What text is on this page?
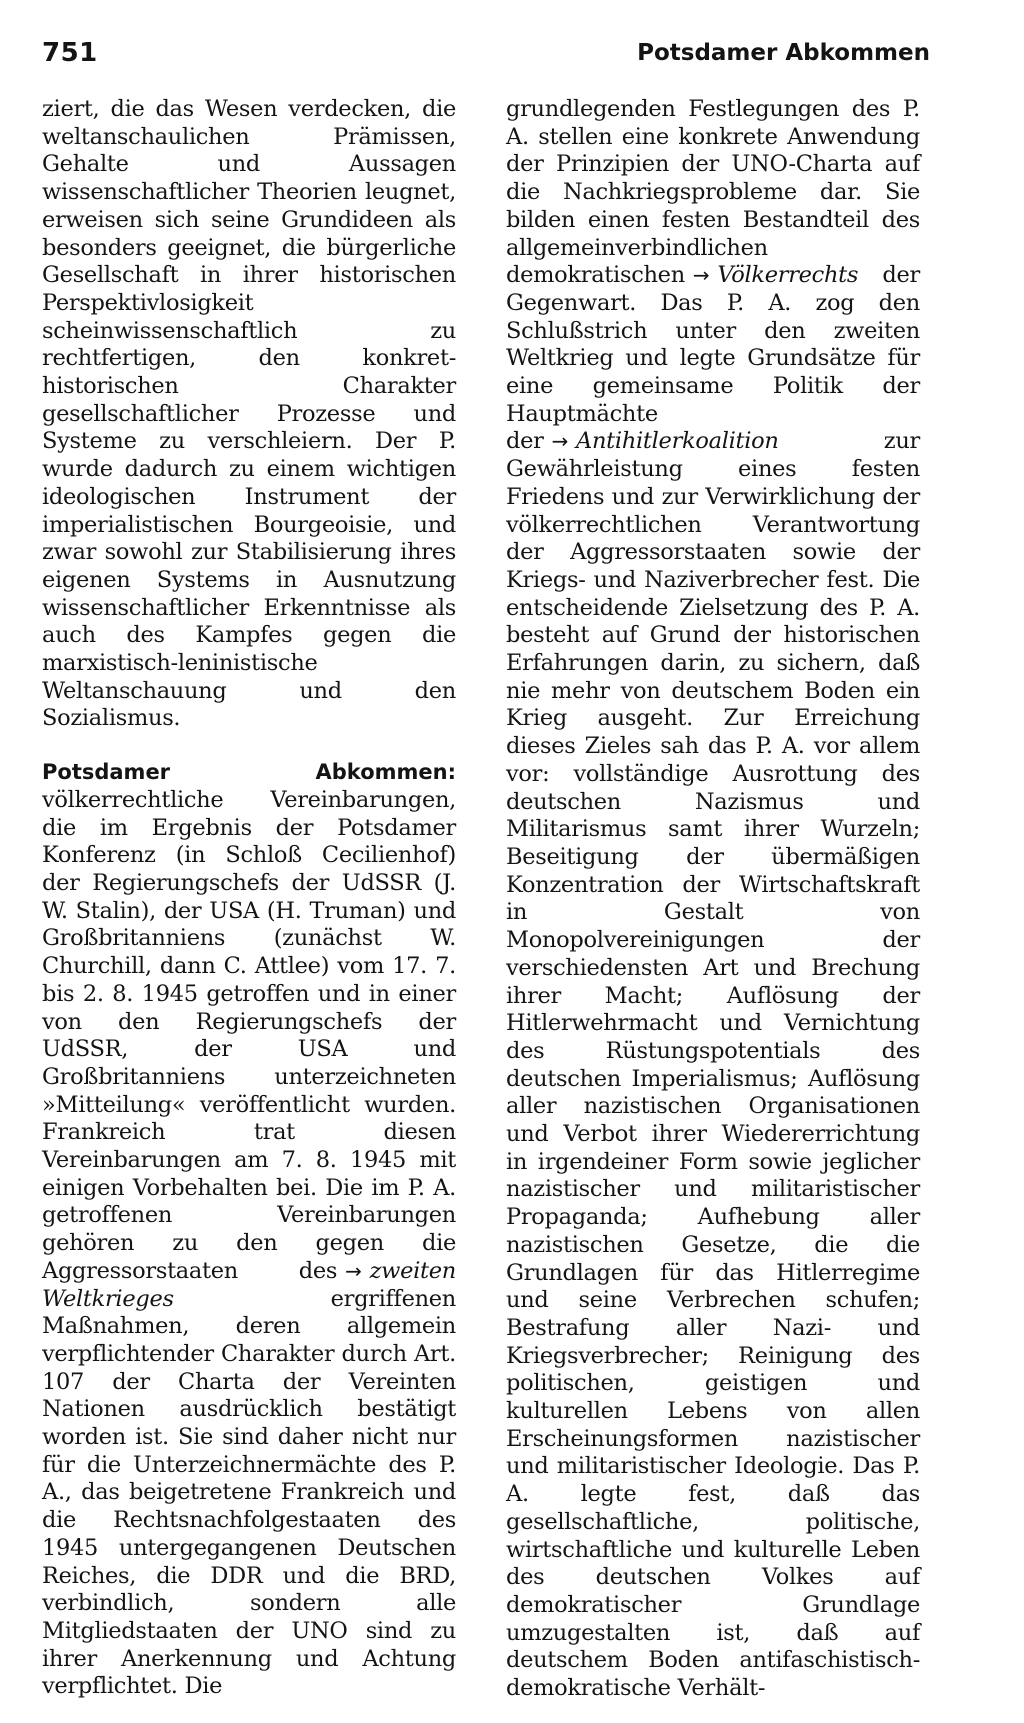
751	Potsdamer Abkommen

ziert, die das Wesen verdecken, die weltanschaulichen Prämissen, Gehalte und Aussagen wissenschaftlicher Theorien leugnet, erweisen sich seine Grundideen als besonders geeignet, die bürgerliche Gesellschaft in ihrer historischen Perspektivlosigkeit scheinwissenschaftlich zu rechtfertigen, den konkret-historischen Charakter gesellschaftlicher Prozesse und Systeme zu verschleiern. Der P. wurde dadurch zu einem wichtigen ideologischen Instrument der imperialistischen Bourgeoisie, und zwar sowohl zur Stabilisierung ihres eigenen Systems in Ausnutzung wissenschaftlicher Erkenntnisse als auch des Kampfes gegen die marxistisch-leninistische Weltanschauung und den Sozialismus.

Potsdamer Abkommen: völkerrechtliche Vereinbarungen, die im Ergebnis der Potsdamer Konferenz (in Schloß Cecilienhof) der Regierungschefs der UdSSR (J. W. Stalin), der USA (H. Truman) und Großbritanniens (zunächst W. Churchill, dann C. Attlee) vom 17. 7. bis 2. 8. 1945 getroffen und in einer von den Regierungschefs der UdSSR, der USA und Großbritanniens unterzeichneten »Mitteilung« veröffentlicht wurden. Frankreich trat diesen Vereinbarungen am 7. 8. 1945 mit einigen Vorbehalten bei. Die im P. A. getroffenen Vereinbarungen gehören zu den gegen die Aggressorstaaten des → zweiten Weltkrieges	ergriffenen Maßnahmen, deren allgemein verpflichtender Charakter durch Art. 107 der Charta der Vereinten Nationen ausdrücklich bestätigt worden ist. Sie sind daher nicht nur für die Unterzeichnermächte des P. A., das beigetretene Frankreich und die Rechtsnachfolgestaaten des 1945 untergegangenen Deutschen Reiches, die DDR und die BRD, verbindlich, sondern alle Mitgliedstaaten der UNO sind zu ihrer Anerkennung und Achtung verpflichtet. Die

grundlegenden Festlegungen des P. A. stellen eine konkrete Anwendung der Prinzipien der UNO-Charta auf die Nachkriegsprobleme dar. Sie bilden einen festen Bestandteil des allgemeinverbindlichen demokratischen → Völkerrechts der Gegenwart. Das P. A. zog den Schlußstrich unter den zweiten Weltkrieg und legte Grundsätze für eine gemeinsame Politik der Hauptmächte der → Antihitlerkoalition	zur Gewährleistung eines festen Friedens und zur Verwirklichung der völkerrechtlichen Verantwortung der Aggressorstaaten sowie der Kriegs- und Naziverbrecher fest. Die entscheidende Zielsetzung des P. A. besteht auf Grund der historischen Erfahrungen darin, zu sichern, daß nie mehr von deutschem Boden ein Krieg ausgeht. Zur Erreichung dieses Zieles sah das P. A. vor allem vor: vollständige Ausrottung des deutschen Nazismus und Militarismus samt ihrer Wurzeln; Beseitigung der übermäßigen Konzentration der Wirtschaftskraft in Gestalt von Monopolvereinigungen der verschiedensten Art und Brechung ihrer Macht; Auflösung der Hitlerwehrmacht und Vernichtung des Rüstungspotentials des deutschen Imperialismus; Auflösung aller nazistischen Organisationen und Verbot ihrer Wiedererrichtung in irgendeiner Form sowie jeglicher nazistischer und militaristischer Propaganda; Aufhebung aller nazistischen Gesetze, die die Grundlagen für das Hitlerregime und seine Verbrechen schufen; Bestrafung aller Nazi- und Kriegsverbrecher; Reinigung des politischen, geistigen und kulturellen Lebens von allen Erscheinungsformen nazistischer und militaristischer Ideologie. Das P. A. legte fest, daß das gesellschaftliche, politische, wirtschaftliche und kulturelle Leben des deutschen Volkes auf demokratischer Grundlage umzugestalten ist, daß auf deutschem Boden antifaschistisch-demokratische Verhält-
